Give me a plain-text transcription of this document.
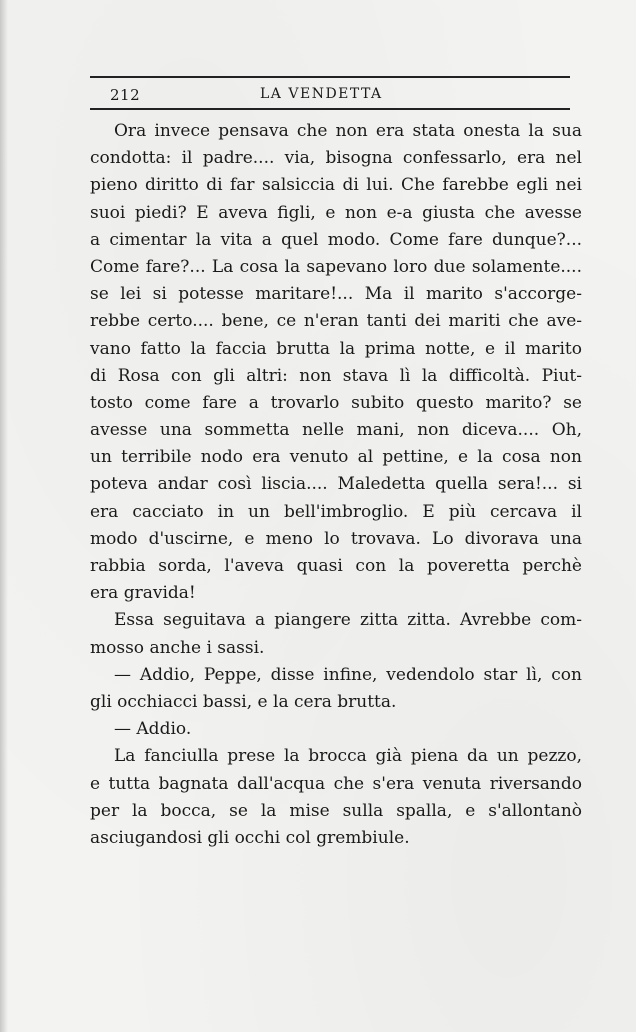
212	LA VENDETTA
Ora invece pensava che non era stata onesta la sua
condotta: il padre.... via, bisogna confessarlo, era nel
pieno diritto di far salsiccia di lui. Che farebbe egli nei
suoi piedi? E aveva figli, e non e-a giusta che avesse
a cimentar la vita a quel modo. Come fare dunque?...
Come fare?... La cosa la sapevano loro due solamente....
se lei si potesse maritare!... Ma il marito s'accorge-
rebbe certo.... bene, ce n'eran tanti dei mariti che ave-
vano fatto la faccia brutta la prima notte, e il marito
di Rosa con gli altri: non stava lì la difficoltà. Piut-
tosto come fare a trovarlo subito questo marito? se
avesse una sommetta nelle mani, non diceva.... Oh,
un terribile nodo era venuto al pettine, e la cosa non
poteva andar così liscia.... Maledetta quella sera!... si
era cacciato in un bell'imbroglio. E più cercava il
modo d'uscirne, e meno lo trovava. Lo divorava una
rabbia sorda, l'aveva quasi con la poveretta perchè
era gravida!
Essa seguitava a piangere zitta zitta. Avrebbe com-
mosso anche i sassi.
— Addio, Peppe, disse infine, vedendolo star lì, con
gli occhiacci bassi, e la cera brutta.
— Addio.
La fanciulla prese la brocca già piena da un pezzo,
e tutta bagnata dall'acqua che s'era venuta riversando
per la bocca, se la mise sulla spalla, e s'allontanò
asciugandosi gli occhi col grembiule.
